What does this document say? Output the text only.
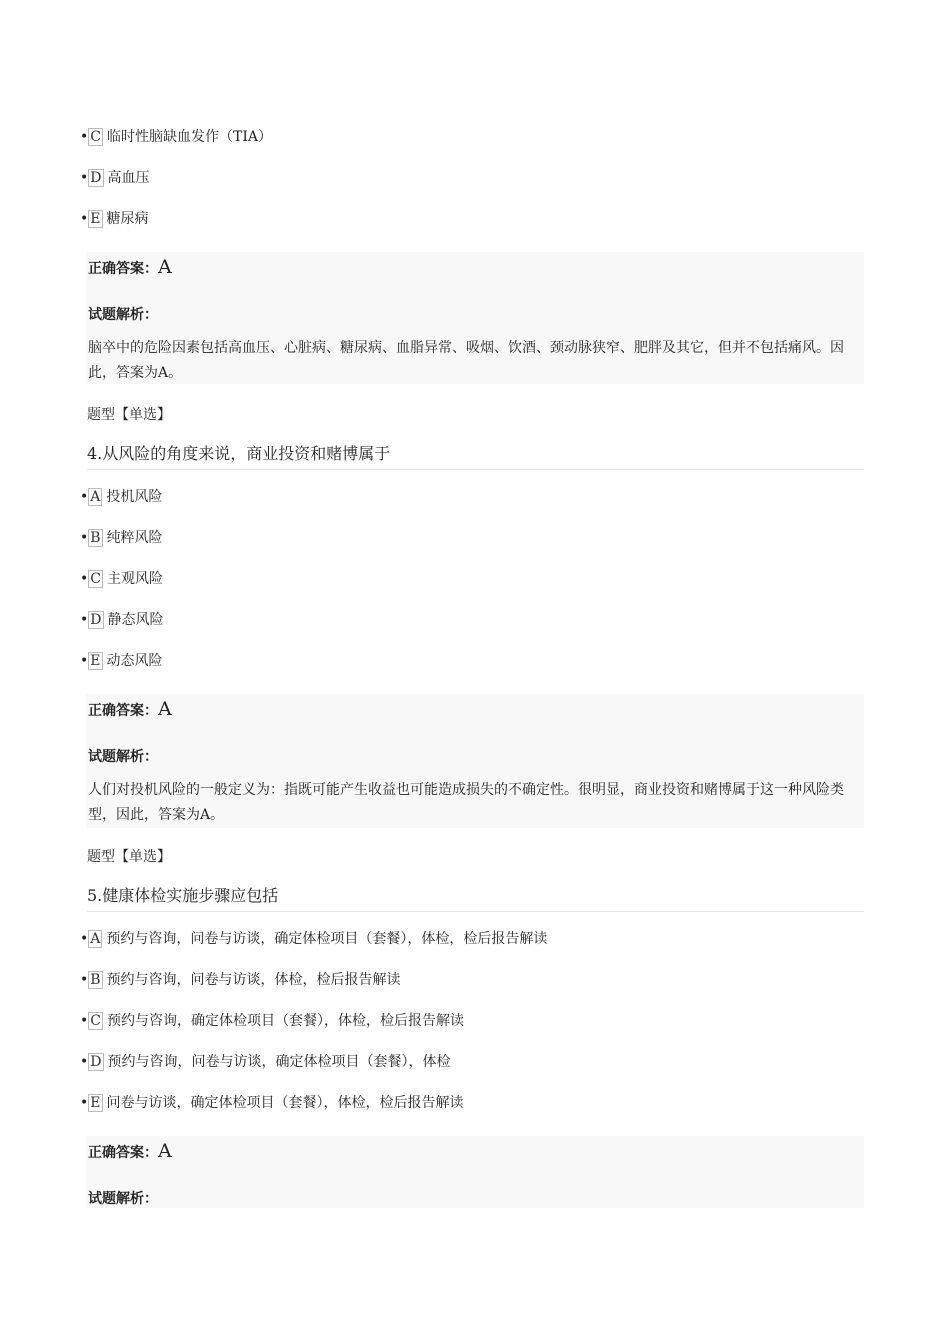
• C 临时性脑缺血发作（TIA）
• D 高血压
• E 糖尿病
正确答案：A
试题解析：
脑卒中的危险因素包括高血压、心脏病、糖尿病、血脂异常、吸烟、饮酒、颈动脉狭窄、肥胖及其它，但并不包括痛风。因此，答案为A。
题型【单选】
4.从风险的角度来说，商业投资和赌博属于
• A 投机风险
• B 纯粹风险
• C 主观风险
• D 静态风险
• E 动态风险
正确答案：A
试题解析：
人们对投机风险的一般定义为：指既可能产生收益也可能造成损失的不确定性。很明显，商业投资和赌博属于这一种风险类型，因此，答案为A。
题型【单选】
5.健康体检实施步骤应包括
• A 预约与咨询，问卷与访谈，确定体检项目（套餐），体检，检后报告解读
• B 预约与咨询，问卷与访谈，体检，检后报告解读
• C 预约与咨询，确定体检项目（套餐），体检，检后报告解读
• D 预约与咨询，问卷与访谈，确定体检项目（套餐），体检
• E 问卷与访谈，确定体检项目（套餐），体检，检后报告解读
正确答案：A
试题解析：
